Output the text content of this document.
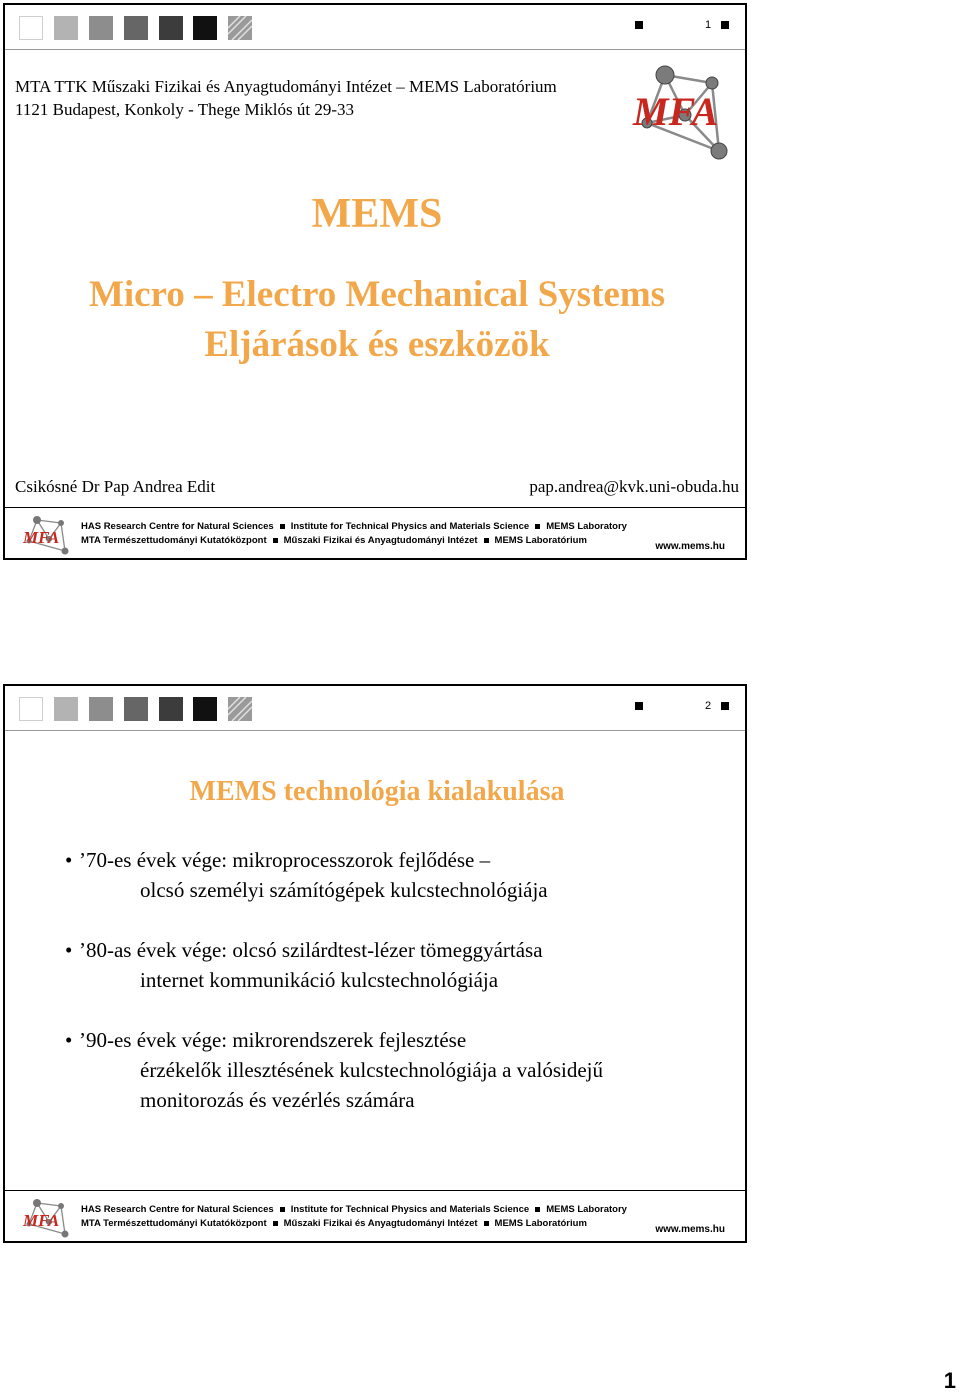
1
MTA TTK Műszaki Fizikai és Anyagtudományi Intézet – MEMS Laboratórium
1121 Budapest, Konkoly - Thege Miklós út 29-33	MFA
MEMS
Micro – Electro Mechanical Systems
Eljárások és eszközök
Csikósné Dr Pap Andrea Edit	pap.andrea@kvk.uni-obuda.hu
MFA
HAS Research Centre for Natural Sciences Institute for Technical Physics and Materials Science MEMS Laboratory
MTA Természettudományi Kutatóközpont Műszaki Fizikai és Anyagtudományi Intézet MEMS Laboratórium
www.mems.hu
2
MEMS technológia kialakulása
• ’70-es évek vége: mikroprocesszorok fejlődése –
olcsó személyi számítógépek kulcstechnológiája
• ’80-as évek vége: olcsó szilárdtest-lézer tömeggyártása
internet kommunikáció kulcstechnológiája
• ’90-es évek vége: mikrorendszerek fejlesztése
érzékelők illesztésének kulcstechnológiája a valósidejű
monitorozás és vezérlés számára
MFA
HAS Research Centre for Natural Sciences Institute for Technical Physics and Materials Science MEMS Laboratory
MTA Természettudományi Kutatóközpont Műszaki Fizikai és Anyagtudományi Intézet MEMS Laboratórium
www.mems.hu
1
